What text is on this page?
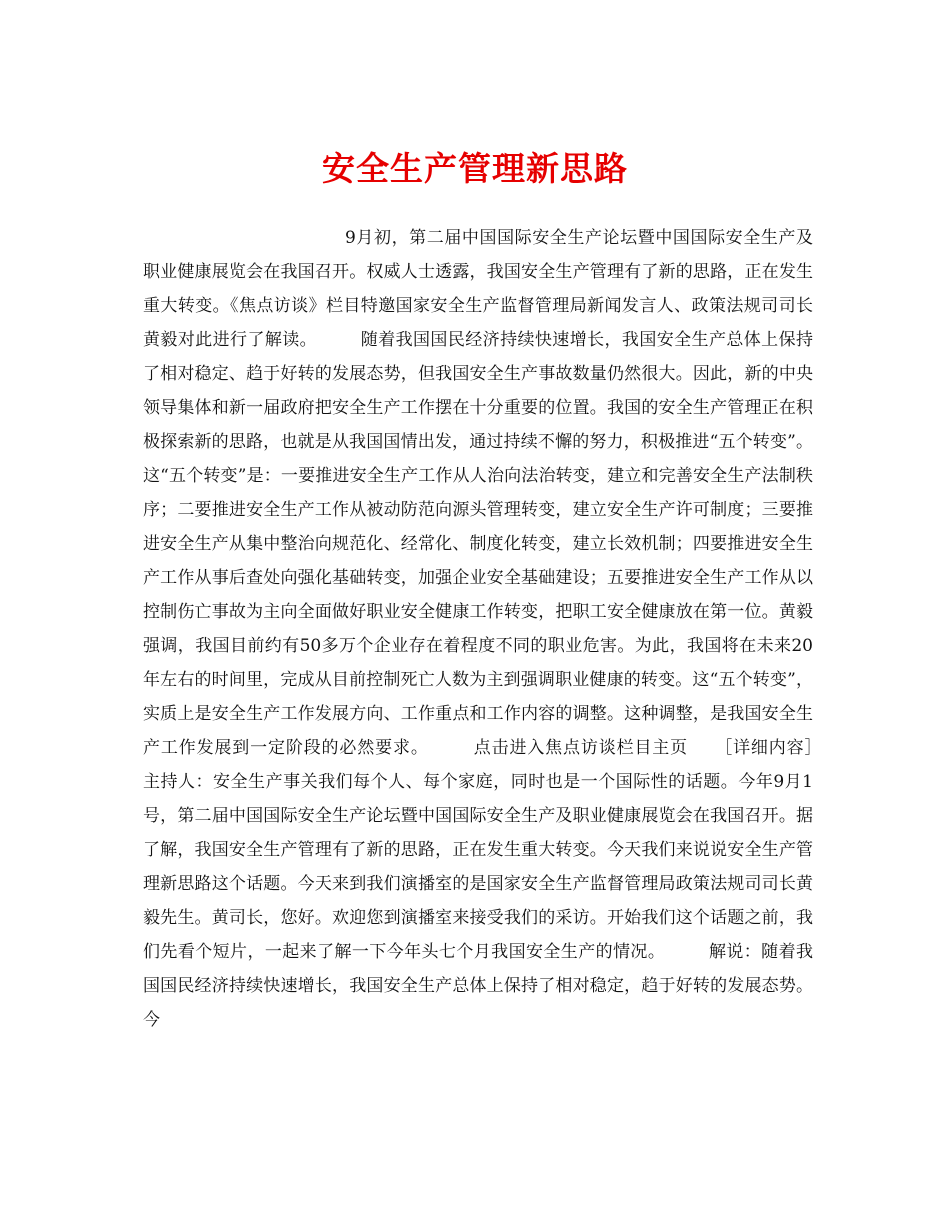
安全生产管理新思路

9月初，第二届中国国际安全生产论坛暨中国国际安全生产及职业健康展览会在我国召开。权威人士透露，我国安全生产管理有了新的思路，正在发生重大转变。《焦点访谈》栏目特邀国家安全生产监督管理局新闻发言人、政策法规司司长黄毅对此进行了解读。　　　随着我国国民经济持续快速增长，我国安全生产总体上保持了相对稳定、趋于好转的发展态势，但我国安全生产事故数量仍然很大。因此，新的中央领导集体和新一届政府把安全生产工作摆在十分重要的位置。我国的安全生产管理正在积极探索新的思路，也就是从我国国情出发，通过持续不懈的努力，积极推进“五个转变”。这“五个转变”是：一要推进安全生产工作从人治向法治转变，建立和完善安全生产法制秩序；二要推进安全生产工作从被动防范向源头管理转变，建立安全生产许可制度；三要推进安全生产从集中整治向规范化、经常化、制度化转变，建立长效机制；四要推进安全生产工作从事后查处向强化基础转变，加强企业安全基础建设；五要推进安全生产工作从以控制伤亡事故为主向全面做好职业安全健康工作转变，把职工安全健康放在第一位。黄毅强调，我国目前约有50多万个企业存在着程度不同的职业危害。为此，我国将在未来20年左右的时间里，完成从目前控制死亡人数为主到强调职业健康的转变。这“五个转变”，实质上是安全生产工作发展方向、工作重点和工作内容的调整。这种调整，是我国安全生产工作发展到一定阶段的必然要求。　　　点击进入焦点访谈栏目主页　　［详细内容］　　主持人：安全生产事关我们每个人、每个家庭，同时也是一个国际性的话题。今年9月1号，第二届中国国际安全生产论坛暨中国国际安全生产及职业健康展览会在我国召开。据了解，我国安全生产管理有了新的思路，正在发生重大转变。今天我们来说说安全生产管理新思路这个话题。今天来到我们演播室的是国家安全生产监督管理局政策法规司司长黄毅先生。黄司长，您好。欢迎您到演播室来接受我们的采访。开始我们这个话题之前，我们先看个短片，一起来了解一下今年头七个月我国安全生产的情况。　　　解说：随着我国国民经济持续快速增长，我国安全生产总体上保持了相对稳定，趋于好转的发展态势。今
